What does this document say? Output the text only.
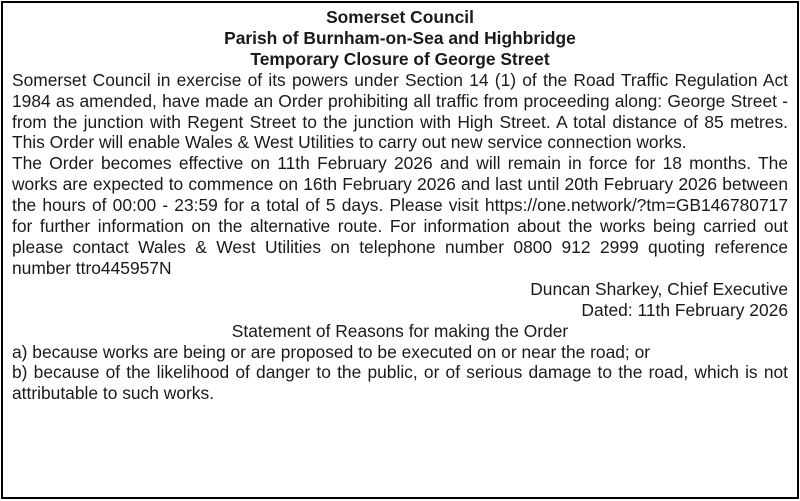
Somerset Council

Parish of Burnham-on-Sea and Highbridge

Temporary Closure of George Street

Somerset Council in exercise of its powers under Section 14 (1) of the Road Traffic Regulation Act 1984 as amended, have made an Order prohibiting all traffic from proceeding along: George Street - from the junction with Regent Street to the junction with High Street. A total distance of 85 metres. This Order will enable Wales & West Utilities to carry out new service connection works.

The Order becomes effective on 11th February 2026 and will remain in force for 18 months. The works are expected to commence on 16th February 2026 and last until 20th February 2026 between the hours of 00:00 - 23:59 for a total of 5 days. Please visit https://one.network/?tm=GB146780717 for further information on the alternative route. For information about the works being carried out please contact Wales & West Utilities on telephone number 0800 912 2999 quoting reference number ttro445957N

Duncan Sharkey, Chief Executive

Dated: 11th February 2026

Statement of Reasons for making the Order

a) because works are being or are proposed to be executed on or near the road; or

b) because of the likelihood of danger to the public, or of serious damage to the road, which is not attributable to such works.
